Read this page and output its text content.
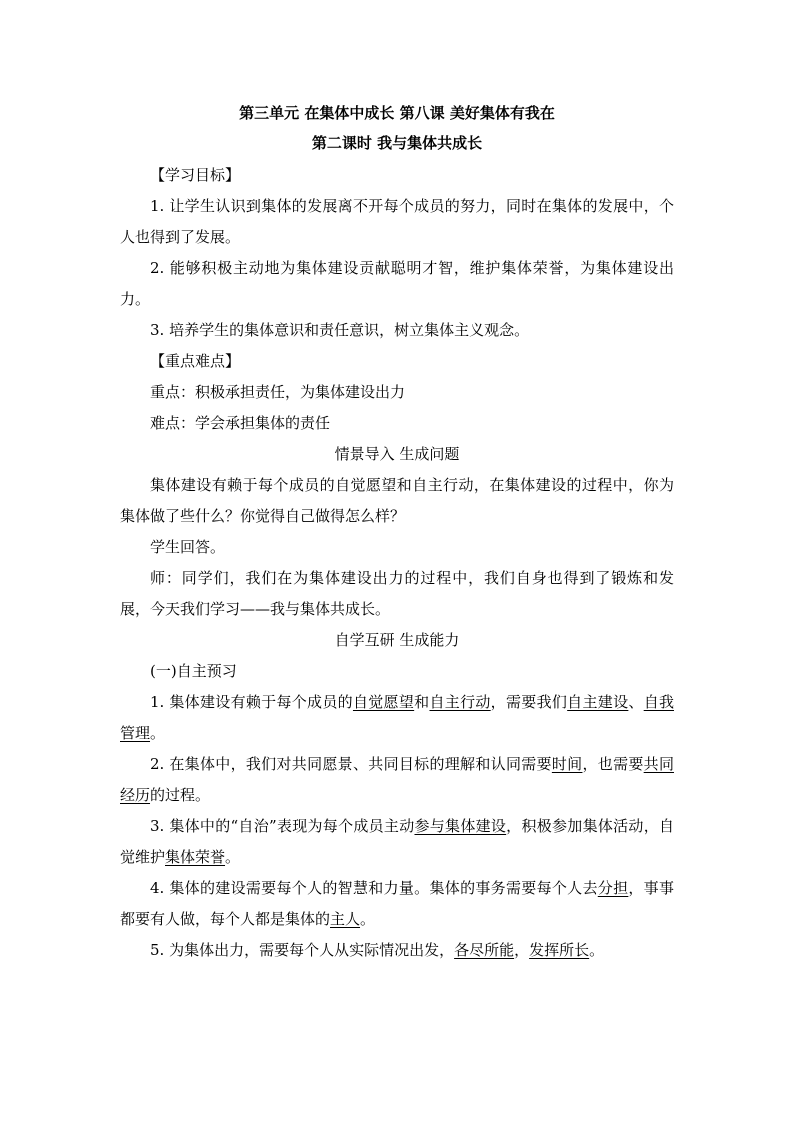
第三单元 在集体中成长 第八课 美好集体有我在
第二课时 我与集体共成长

【学习目标】

1. 让学生认识到集体的发展离不开每个成员的努力，同时在集体的发展中，个人也得到了发展。

2. 能够积极主动地为集体建设贡献聪明才智，维护集体荣誉，为集体建设出力。

3. 培养学生的集体意识和责任意识，树立集体主义观念。

【重点难点】

重点：积极承担责任，为集体建设出力

难点：学会承担集体的责任

情景导入 生成问题

集体建设有赖于每个成员的自觉愿望和自主行动，在集体建设的过程中，你为集体做了些什么？你觉得自己做得怎么样？

学生回答。

师：同学们，我们在为集体建设出力的过程中，我们自身也得到了锻炼和发展，今天我们学习——我与集体共成长。

自学互研 生成能力

(一)自主预习

1. 集体建设有赖于每个成员的自觉愿望和自主行动，需要我们自主建设、自我管理。

2. 在集体中，我们对共同愿景、共同目标的理解和认同需要时间，也需要共同经历的过程。

3. 集体中的“自治”表现为每个成员主动参与集体建设，积极参加集体活动，自觉维护集体荣誉。

4. 集体的建设需要每个人的智慧和力量。集体的事务需要每个人去分担，事事都要有人做，每个人都是集体的主人。

5. 为集体出力，需要每个人从实际情况出发，各尽所能，发挥所长。
